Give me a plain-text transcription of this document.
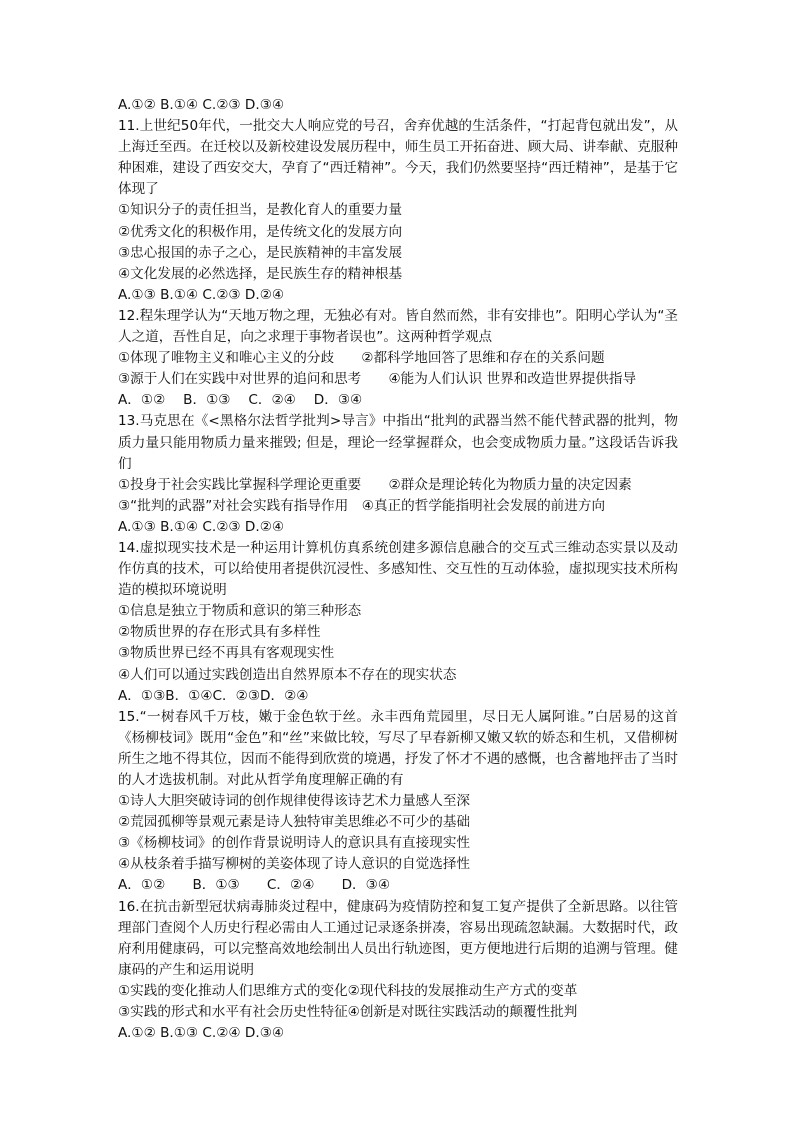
A.①② B.①④ C.②③ D.③④

11.上世纪50年代，一批交大人响应党的号召，舍弃优越的生活条件，“打起背包就出发”，从上海迁至西。在迁校以及新校建设发展历程中，师生员工开拓奋进、顾大局、讲奉献、克服种种困难，建设了西安交大，孕育了“西迁精神”。今天，我们仍然要坚持“西迁精神”，是基于它体现了

①知识分子的责任担当，是教化育人的重要力量
②优秀文化的积极作用，是传统文化的发展方向
③忠心报国的赤子之心，是民族精神的丰富发展
④文化发展的必然选择，是民族生存的精神根基
A.①③ B.①④ C.②③ D.②④

12.程朱理学认为“天地万物之理，无独必有对。皆自然而然，非有安排也”。阳明心学认为“圣人之道，吾性自足，向之求理于事物者误也”。这两种哲学观点

①体现了唯物主义和唯心主义的分歧　　②都科学地回答了思维和存在的关系问题
③源于人们在实践中对世界的追问和思考　　④能为人们认识 世界和改造世界提供指导
A．①②　 B．①③　 C．②④　 D．③④

13.马克思在《<黑格尔法哲学批判>导言》中指出“批判的武器当然不能代替武器的批判，物质力量只能用物质力量来摧毁; 但是，理论一经掌握群众，也会变成物质力量。”这段话告诉我们

①投身于社会实践比掌握科学理论更重要　　②群众是理论转化为物质力量的决定因素
③“批判的武器”对社会实践有指导作用　④真正的哲学能指明社会发展的前进方向
A.①③ B.①④ C.②③ D.②④

14.虚拟现实技术是一种运用计算机仿真系统创建多源信息融合的交互式三维动态实景以及动作仿真的技术，可以给使用者提供沉浸性、多感知性、交互性的互动体验，虚拟现实技术所构造的模拟环境说明

①信息是独立于物质和意识的第三种形态
②物质世界的存在形式具有多样性
③物质世界已经不再具有客观现实性
④人们可以通过实践创造出自然界原本不存在的现实状态
A．①③B．①④C．②③D．②④

15.“一树春风千万枝，嫩于金色软于丝。永丰西角荒园里，尽日无人属阿谁。”白居易的这首《杨柳枝词》既用“金色”和“丝”来做比较，写尽了早春新柳又嫩又软的娇态和生机，又借柳树所生之地不得其位，因而不能得到欣赏的境遇，抒发了怀才不遇的感慨，也含蓄地抨击了当时的人才选拔机制。对此从哲学角度理解正确的有

①诗人大胆突破诗词的创作规律使得该诗艺术力量感人至深
②荒园孤柳等景观元素是诗人独特审美思维必不可少的基础
③《杨柳枝词》的创作背景说明诗人的意识具有直接现实性
④从枝条着手描写柳树的美姿体现了诗人意识的自觉选择性
A．①②　　B．①③　　C．②④　　D．③④

16.在抗击新型冠状病毒肺炎过程中，健康码为疫情防控和复工复产提供了全新思路。以往管理部门查阅个人历史行程必需由人工通过记录逐条拼凑，容易出现疏忽缺漏。大数据时代，政府利用健康码，可以完整高效地绘制出人员出行轨迹图，更方便地进行后期的追溯与管理。健康码的产生和运用说明

①实践的变化推动人们思维方式的变化②现代科技的发展推动生产方式的变革
③实践的形式和水平有社会历史性特征④创新是对既往实践活动的颠覆性批判
A.①② B.①③ C.②④ D.③④
